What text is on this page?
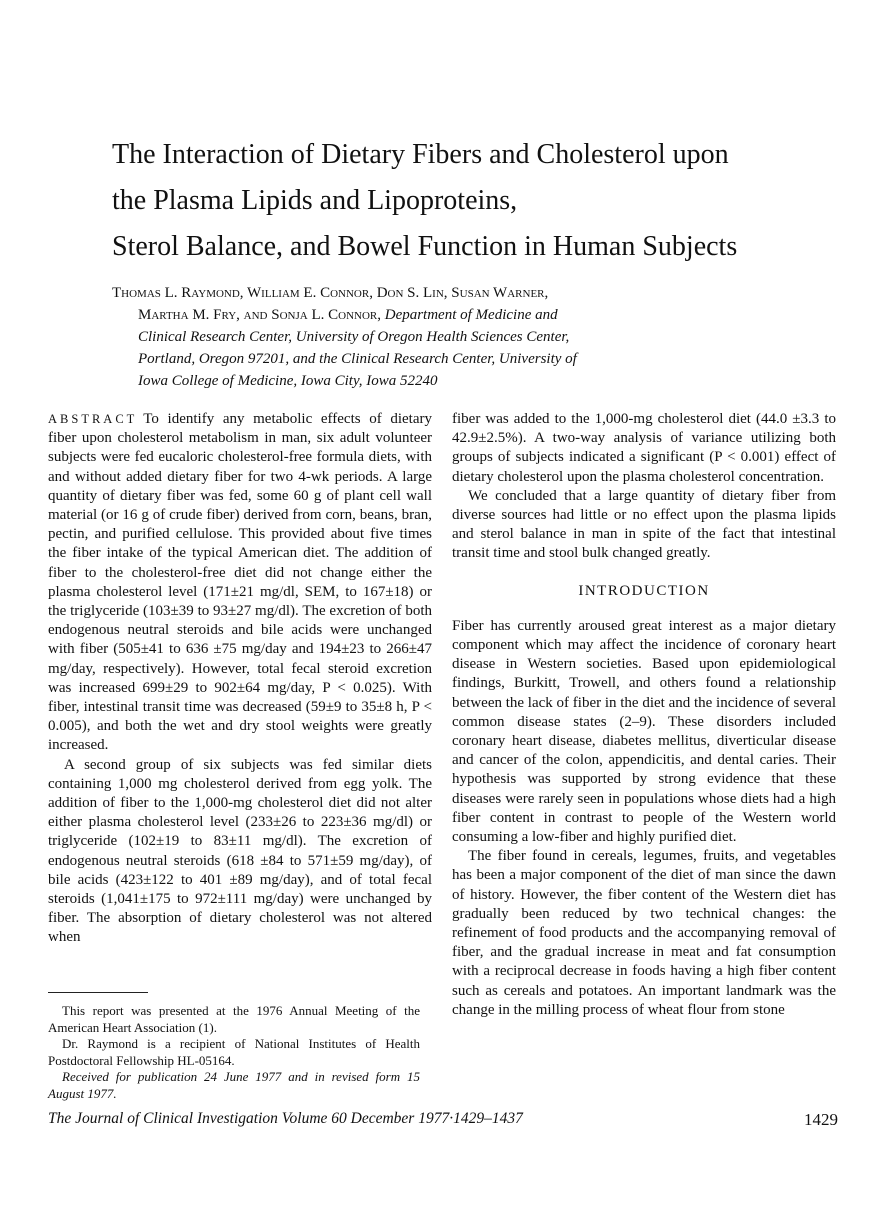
The Interaction of Dietary Fibers and Cholesterol upon
the Plasma Lipids and Lipoproteins,
Sterol Balance, and Bowel Function in Human Subjects
Thomas L. Raymond, William E. Connor, Don S. Lin, Susan Warner,
Martha M. Fry, and Sonja L. Connor, Department of Medicine and
Clinical Research Center, University of Oregon Health Sciences Center,
Portland, Oregon 97201, and the Clinical Research Center, University of
Iowa College of Medicine, Iowa City, Iowa 52240

ABSTRACT To identify any metabolic effects of dietary fiber upon cholesterol metabolism in man, six adult volunteer subjects were fed eucaloric cholesterol-free formula diets, with and without added dietary fiber for two 4-wk periods. A large quantity of dietary fiber was fed, some 60 g of plant cell wall material (or 16 g of crude fiber) derived from corn, beans, bran, pectin, and purified cellulose. This provided about five times the fiber intake of the typical American diet. The addition of fiber to the cholesterol-free diet did not change either the plasma cholesterol level (171±21 mg/dl, SEM, to 167±18) or the triglyceride (103±39 to 93±27 mg/dl). The excretion of both endogenous neutral steroids and bile acids were unchanged with fiber (505±41 to 636 ±75 mg/day and 194±23 to 266±47 mg/day, respectively). However, total fecal steroid excretion was increased 699±29 to 902±64 mg/day, P < 0.025). With fiber, intestinal transit time was decreased (59±9 to 35±8 h, P < 0.005), and both the wet and dry stool weights were greatly increased.

A second group of six subjects was fed similar diets containing 1,000 mg cholesterol derived from egg yolk. The addition of fiber to the 1,000-mg cholesterol diet did not alter either plasma cholesterol level (233±26 to 223±36 mg/dl) or triglyceride (102±19 to 83±11 mg/dl). The excretion of endogenous neutral steroids (618 ±84 to 571±59 mg/day), of bile acids (423±122 to 401 ±89 mg/day), and of total fecal steroids (1,041±175 to 972±111 mg/day) were unchanged by fiber. The absorption of dietary cholesterol was not altered when

fiber was added to the 1,000-mg cholesterol diet (44.0 ±3.3 to 42.9±2.5%). A two-way analysis of variance utilizing both groups of subjects indicated a significant (P < 0.001) effect of dietary cholesterol upon the plasma cholesterol concentration.

We concluded that a large quantity of dietary fiber from diverse sources had little or no effect upon the plasma lipids and sterol balance in man in spite of the fact that intestinal transit time and stool bulk changed greatly.

INTRODUCTION

Fiber has currently aroused great interest as a major dietary component which may affect the incidence of coronary heart disease in Western societies. Based upon epidemiological findings, Burkitt, Trowell, and others found a relationship between the lack of fiber in the diet and the incidence of several common disease states (2–9). These disorders included coronary heart disease, diabetes mellitus, diverticular disease and cancer of the colon, appendicitis, and dental caries. Their hypothesis was supported by strong evidence that these diseases were rarely seen in populations whose diets had a high fiber content in contrast to people of the Western world consuming a low-fiber and highly purified diet.

The fiber found in cereals, legumes, fruits, and vegetables has been a major component of the diet of man since the dawn of history. However, the fiber content of the Western diet has gradually been reduced by two technical changes: the refinement of food products and the accompanying removal of fiber, and the gradual increase in meat and fat consumption with a reciprocal decrease in foods having a high fiber content such as cereals and potatoes. An important landmark was the change in the milling process of wheat flour from stone

This report was presented at the 1976 Annual Meeting of the American Heart Association (1).

Dr. Raymond is a recipient of National Institutes of Health Postdoctoral Fellowship HL-05164.

Received for publication 24 June 1977 and in revised form 15 August 1977.

The Journal of Clinical Investigation Volume 60 December 1977·1429–1437	1429
